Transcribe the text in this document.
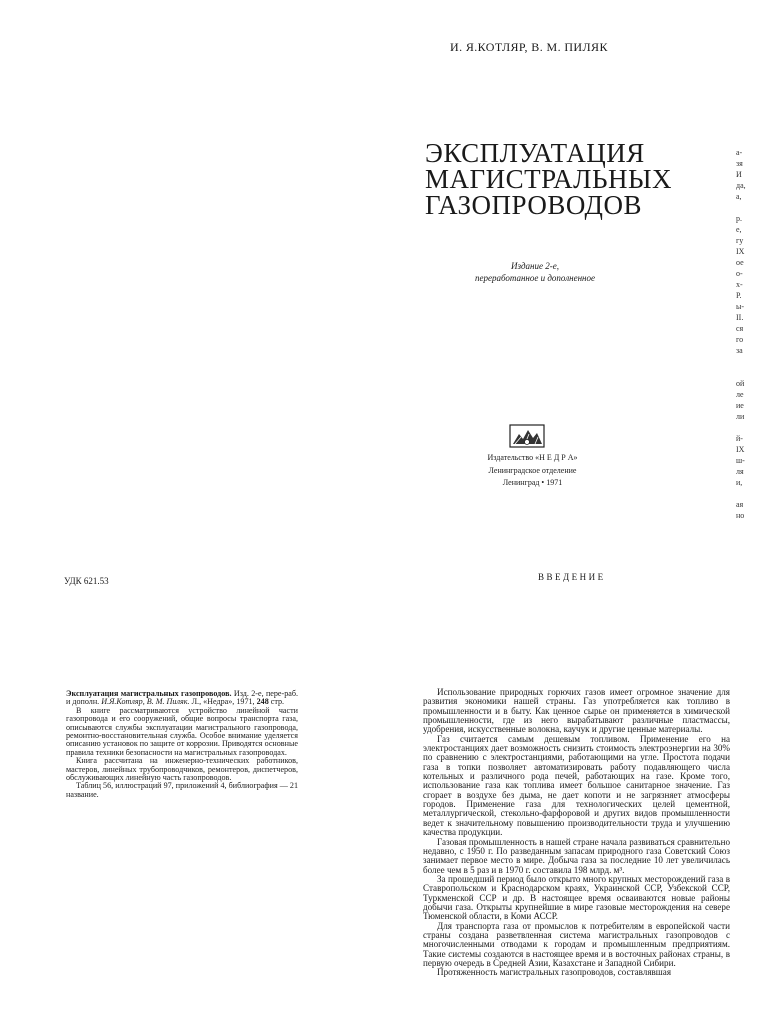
И. Я.КОТЛЯР, В. М. ПИЛЯК
ЭКСПЛУАТАЦИЯ
МАГИСТРАЛЬНЫХ
ГАЗОПРОВОДОВ
Издание 2-е,
переработанное и дополненное
Издательство «Н Е Д Р А»
Ленинградское отделение
Ленинград • 1971
а-
зя
И
да,
а,
р.
е,
гу
IX
ое
о-
х-
Р.
ы-
II.
ся
го
за
ой
ле
ие
ли
й-
IX
ш-
ля
и,
ая
но
УДК 621.53	ВВЕДЕНИЕ

Эксплуатация магистральных газопроводов. Изд. 2-е, пере-раб. и дополн. И.Я.Котляр, В. М. Пиляк. Л., «Недра», 1971, 248 стр.

В книге рассматриваются устройство линейной части газопровода и его сооружений, общие вопросы транспорта газа, описываются службы эксплуатации магистрального газопровода, ремонтно-восстановительная служба. Особое внимание уделяется описанию установок по защите от коррозии. Приводятся основные правила техники безопасности на магистральных газопроводах.

Книга рассчитана на инженерно-технических работников, мастеров, линейных трубопроводчиков, ремонтеров, диспетчеров, обслуживающих линейную часть газопроводов.

Таблиц 56, иллюстраций 97, приложений 4, библиография — 21 название.

Использование природных горючих газов имеет огромное значение для развития экономики нашей страны. Газ употребляется как топливо в промышленности и в быту. Как ценное сырье он применяется в химической промышленности, где из него вырабатывают различные пластмассы, удобрения, искусственные волокна, каучук и другие ценные материалы.

Газ считается самым дешевым топливом. Применение его на электростанциях дает возможность снизить стоимость электроэнергии на 30% по сравнению с электростанциями, работающими на угле. Простота подачи газа в топки позволяет автоматизировать работу подавляющего числа котельных и различного рода печей, работающих на газе. Кроме того, использование газа как топлива имеет большое санитарное значение. Газ сгорает в воздухе без дыма, не дает копоти и не загрязняет атмосферы городов. Применение газа для технологических целей цементной, металлургической, стекольно-фарфоровой и других видов промышленности ведет к значительному повышению производительности труда и улучшению качества продукции.

Газовая промышленность в нашей стране начала развиваться сравнительно недавно, с 1950 г. По разведанным запасам природного газа Советский Союз занимает первое место в мире. Добыча газа за последние 10 лет увеличилась более чем в 5 раз и в 1970 г. составила 198 млрд. м³.

За прошедший период было открыто много крупных месторождений газа в Ставропольском и Краснодарском краях, Украинской ССР, Узбекской ССР, Туркменской ССР и др. В настоящее время осваиваются новые районы добычи газа. Открыты крупнейшие в мире газовые месторождения на севере Тюменской области, в Коми АССР.

Для транспорта газа от промыслов к потребителям в европейской части страны создана разветвленная система магистральных газопроводов с многочисленными отводами к городам и промышленным предприятиям. Такие системы создаются в настоящее время и в восточных районах страны, в первую очередь в Средней Азии, Казахстане и Западной Сибири.

Протяженность магистральных газопроводов, составлявшая
